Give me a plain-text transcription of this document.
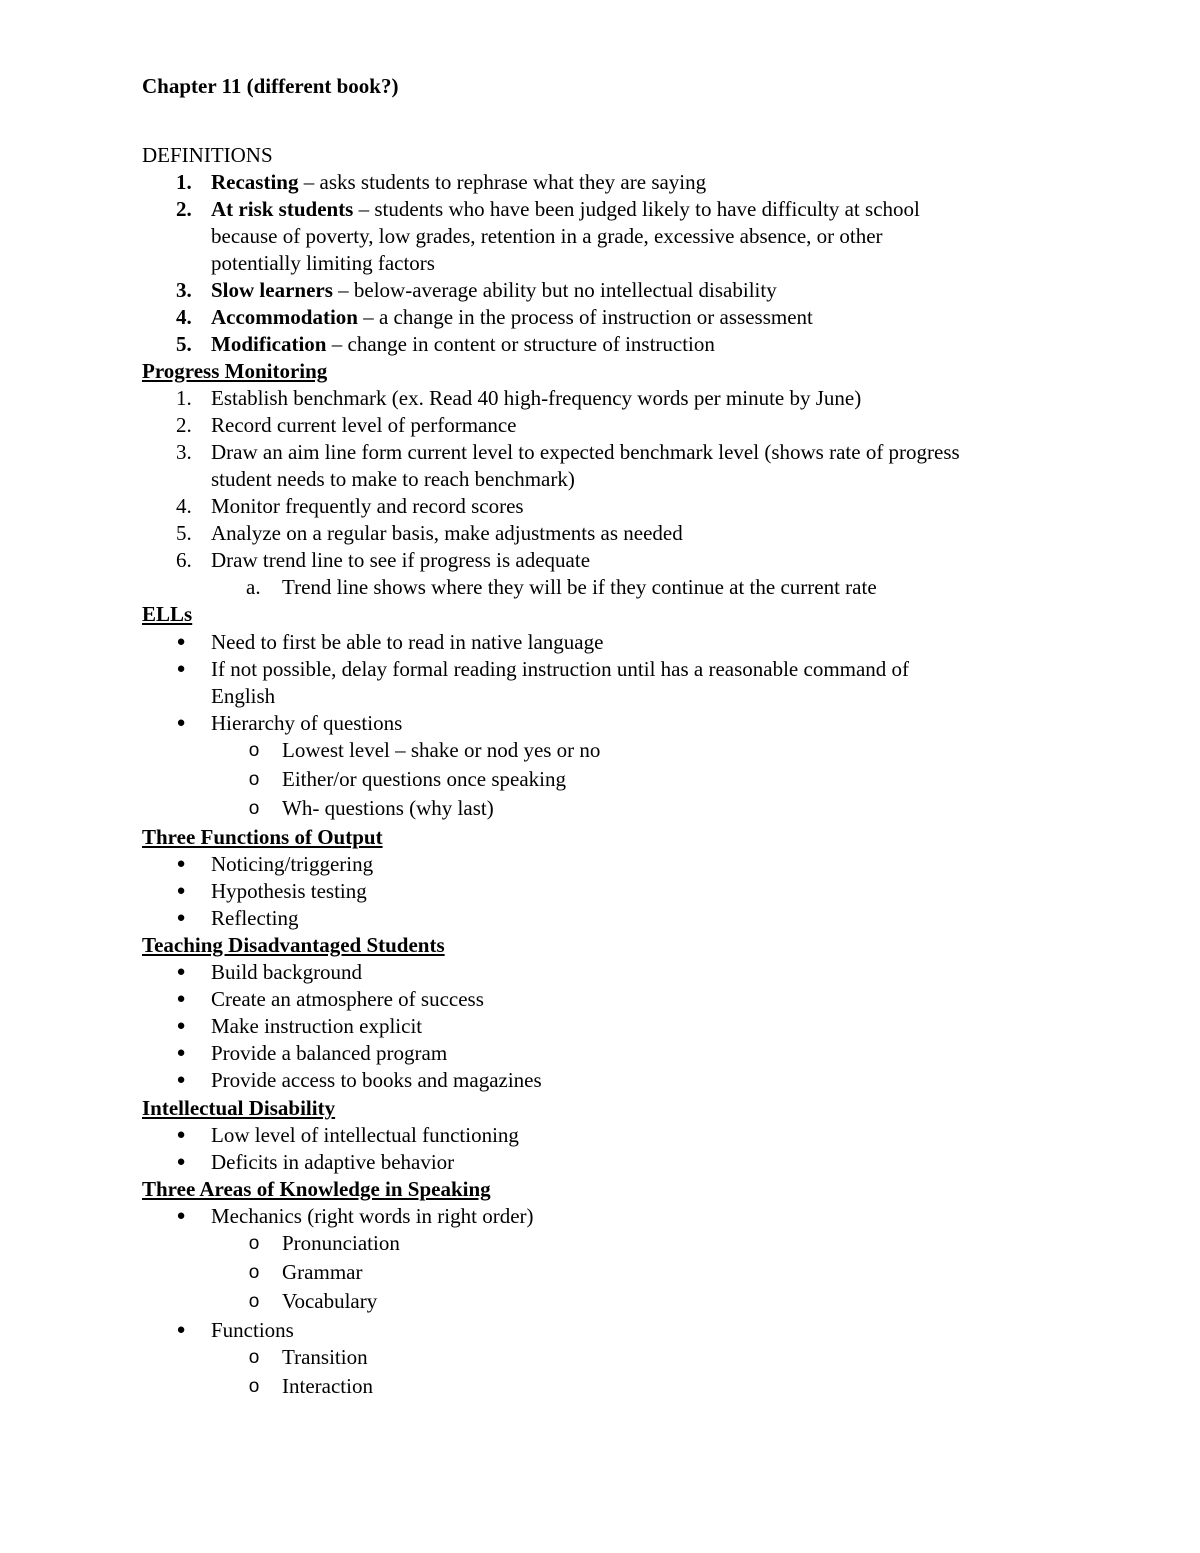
Chapter 11 (different book?)
DEFINITIONS
1. Recasting – asks students to rephrase what they are saying
2. At risk students – students who have been judged likely to have difficulty at school
because of poverty, low grades, retention in a grade, excessive absence, or other
potentially limiting factors
3. Slow learners – below-average ability but no intellectual disability
4. Accommodation – a change in the process of instruction or assessment
5. Modification – change in content or structure of instruction
Progress Monitoring
1. Establish benchmark (ex. Read 40 high-frequency words per minute by June)
2. Record current level of performance
3. Draw an aim line form current level to expected benchmark level (shows rate of progress
student needs to make to reach benchmark)
4. Monitor frequently and record scores
5. Analyze on a regular basis, make adjustments as needed
6. Draw trend line to see if progress is adequate
a. Trend line shows where they will be if they continue at the current rate
ELLs
● Need to first be able to read in native language
● If not possible, delay formal reading instruction until has a reasonable command of
English
● Hierarchy of questions
o Lowest level – shake or nod yes or no
o Either/or questions once speaking
o Wh- questions (why last)
Three Functions of Output
● Noticing/triggering
● Hypothesis testing
● Reflecting
Teaching Disadvantaged Students
● Build background
● Create an atmosphere of success
● Make instruction explicit
● Provide a balanced program
● Provide access to books and magazines
Intellectual Disability
● Low level of intellectual functioning
● Deficits in adaptive behavior
Three Areas of Knowledge in Speaking
● Mechanics (right words in right order)
o Pronunciation
o Grammar
o Vocabulary
● Functions
o Transition
o Interaction
